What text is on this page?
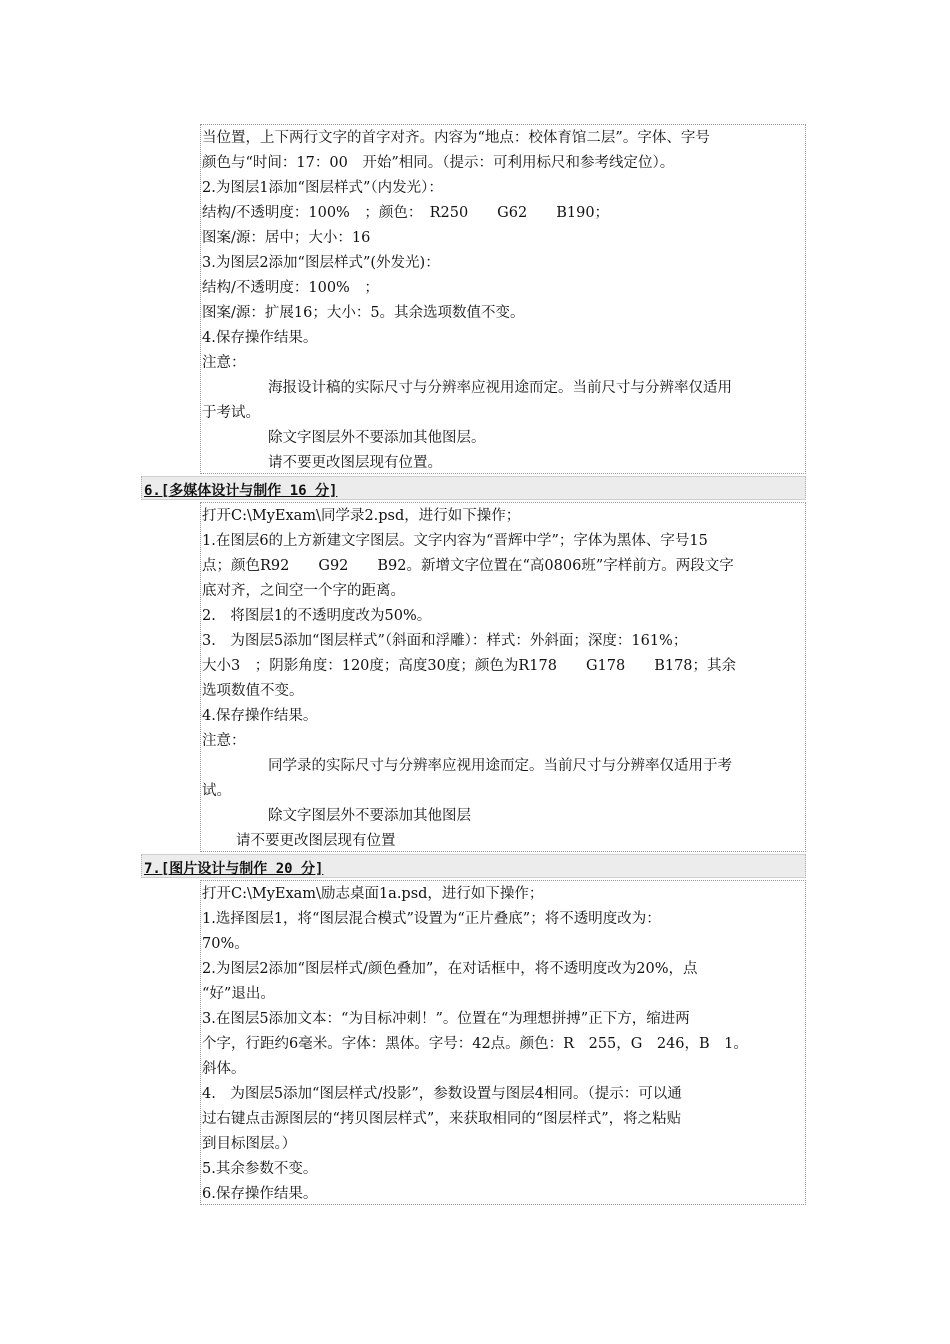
当位置，上下两行文字的首字对齐。内容为“地点：校体育馆二层”。字体、字号
颜色与“时间：17：00　开始”相同。（提示：可利用标尺和参考线定位）。
2.为图层1添加“图层样式”（内发光）：
结构/不透明度：100%　；颜色：　R250　　G62　　B190；
图案/源：居中；大小：16
3.为图层2添加“图层样式”(外发光)：
结构/不透明度：100%　；
图案/源：扩展16；大小：5。其余选项数值不变。
4.保存操作结果。
注意：
海报设计稿的实际尺寸与分辨率应视用途而定。当前尺寸与分辨率仅适用
于考试。
除文字图层外不要添加其他图层。
请不要更改图层现有位置。
6.[多媒体设计与制作 16 分]
打开C:\MyExam\同学录2.psd，进行如下操作；
1.在图层6的上方新建文字图层。文字内容为“晋辉中学”；字体为黑体、字号15
点；颜色R92　　G92　　B92。新增文字位置在“高0806班”字样前方。两段文字
底对齐，之间空一个字的距离。
2.　将图层1的不透明度改为50%。
3.　为图层5添加“图层样式”（斜面和浮雕）：样式：外斜面；深度：161%；
大小3　；阴影角度：120度；高度30度；颜色为R178　　G178　　B178；其余
选项数值不变。
4.保存操作结果。
注意：
同学录的实际尺寸与分辨率应视用途而定。当前尺寸与分辨率仅适用于考
试。
除文字图层外不要添加其他图层
请不要更改图层现有位置
7.[图片设计与制作 20 分]
打开C:\MyExam\励志桌面1a.psd，进行如下操作；
1.选择图层1，将“图层混合模式”设置为“正片叠底”；将不透明度改为：
70%。
2.为图层2添加“图层样式/颜色叠加”，在对话框中，将不透明度改为20%，点
“好”退出。
3.在图层5添加文本：“为目标冲刺！”。位置在“为理想拼搏”正下方，缩进两
个字，行距约6毫米。字体：黑体。字号：42点。颜色：R　255，G　246，B　1。
斜体。
4.　为图层5添加“图层样式/投影”，参数设置与图层4相同。（提示：可以通
过右键点击源图层的“拷贝图层样式”，来获取相同的“图层样式”，将之粘贴
到目标图层。）
5.其余参数不变。
6.保存操作结果。
